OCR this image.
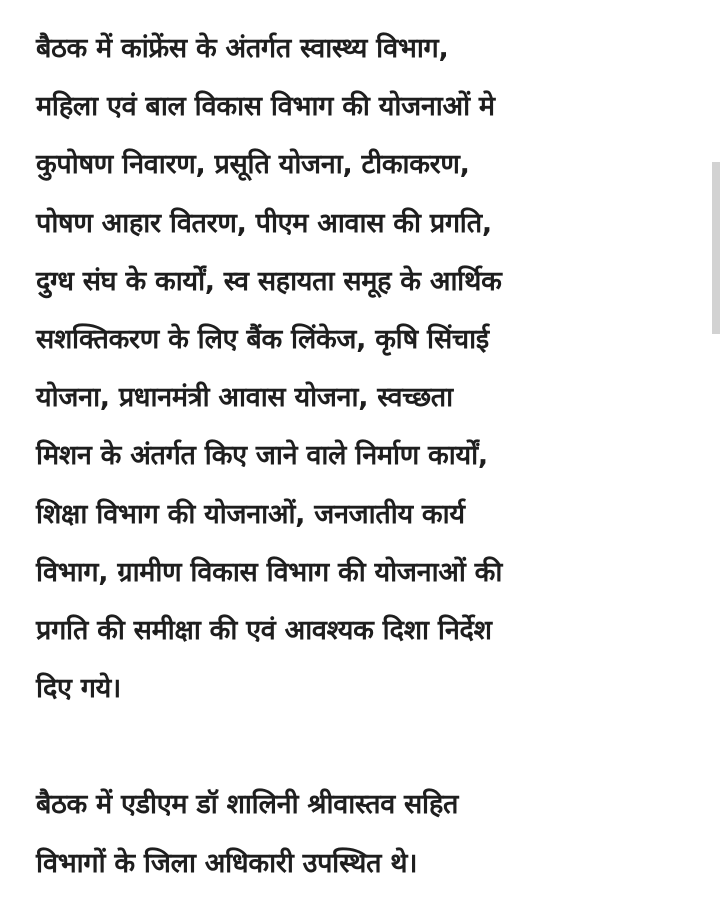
बैठक में कांफ्रेंस के अंतर्गत स्वास्थ्य विभाग,
महिला एवं बाल विकास विभाग की योजनाओं मे
कुपोषण निवारण, प्रसूति योजना, टीकाकरण,
पोषण आहार वितरण, पीएम आवास की प्रगति,
दुग्ध संघ के कार्यों, स्व सहायता समूह के आर्थिक
सशक्तिकरण के लिए बैंक लिंकेज, कृषि सिंचाई
योजना, प्रधानमंत्री आवास योजना, स्वच्छता
मिशन के अंतर्गत किए जाने वाले निर्माण कार्यों,
शिक्षा विभाग की योजनाओं, जनजातीय कार्य
विभाग, ग्रामीण विकास विभाग की योजनाओं की
प्रगति की समीक्षा की एवं आवश्यक दिशा निर्देश
दिए गये।
बैठक में एडीएम डॉ शालिनी श्रीवास्तव सहित
विभागों के जिला अधिकारी उपस्थित थे।
